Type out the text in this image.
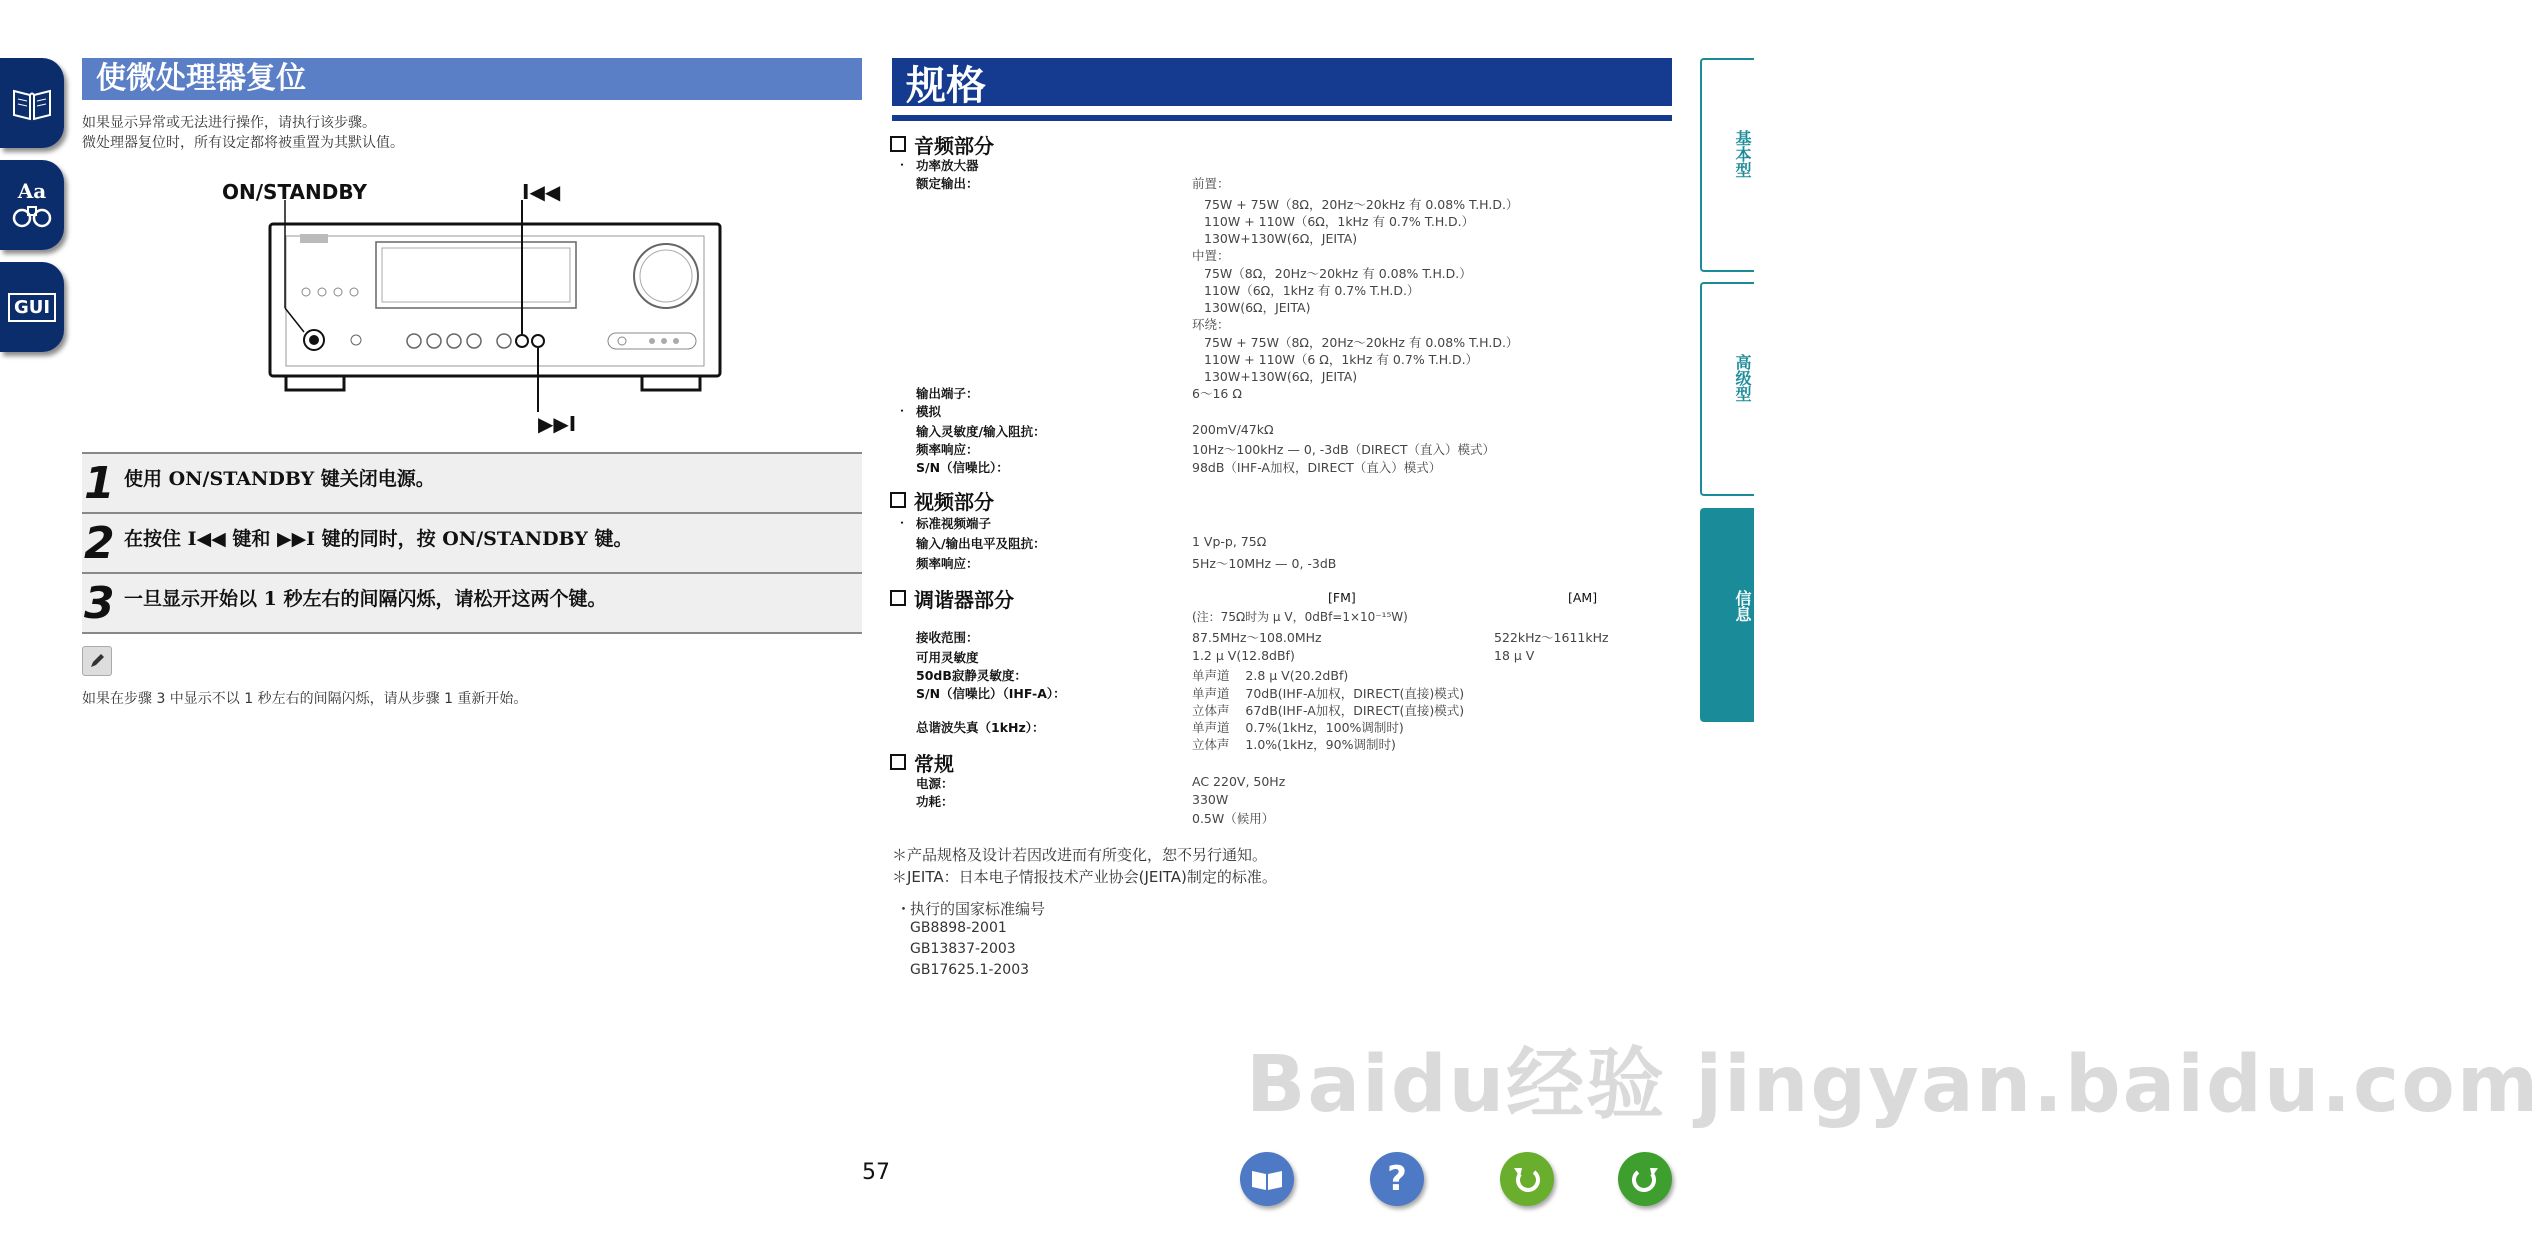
Aa
GUI
使微处理器复位
如果显示异常或无法进行操作，请执行该步骤。
微处理器复位时，所有设定都将被重置为其默认值。
ON/STANDBY	I◀◀
▶▶I
1 使用 ON/STANDBY 键关闭电源。
2 在按住 I◀◀ 键和 ▶▶I 键的同时，按 ON/STANDBY 键。
3 一旦显示开始以 1 秒左右的间隔闪烁，请松开这两个键。
如果在步骤 3 中显示不以 1 秒左右的间隔闪烁，请从步骤 1 重新开始。
规格
音频部分
・ 功率放大器
额定输出：	前置：
75W + 75W（8Ω，20Hz～20kHz 有 0.08% T.H.D.）
110W + 110W（6Ω，1kHz 有 0.7% T.H.D.）
130W+130W(6Ω，JEITA)
中置：
75W（8Ω，20Hz～20kHz 有 0.08% T.H.D.）
110W（6Ω，1kHz 有 0.7% T.H.D.）
130W(6Ω，JEITA)
环绕：
75W + 75W（8Ω，20Hz～20kHz 有 0.08% T.H.D.）
110W + 110W（6 Ω，1kHz 有 0.7% T.H.D.）
130W+130W(6Ω，JEITA)
输出端子：	6～16 Ω
・ 模拟
输入灵敏度/输入阻抗：	200mV/47kΩ
频率响应：	10Hz～100kHz — 0, -3dB（DIRECT（直入）模式）
S/N（信噪比）：	98dB（IHF-A加权，DIRECT（直入）模式）
视频部分
・ 标准视频端子
输入/输出电平及阻抗：	1 Vp-p, 75Ω
频率响应：	5Hz～10MHz — 0, -3dB
调谐器部分	[FM]	[AM]
(注：75Ω时为 μ V，0dBf=1×10⁻¹⁵W)
接收范围：	87.5MHz～108.0MHz	522kHz～1611kHz
可用灵敏度	1.2 μ V(12.8dBf)	18 μ V
50dB寂静灵敏度：	单声道    2.8 μ V(20.2dBf)
S/N（信噪比）（IHF-A）：	单声道    70dB(IHF-A加权，DIRECT(直接)模式)
立体声    67dB(IHF-A加权，DIRECT(直接)模式)
总谐波失真（1kHz）：	单声道    0.7%(1kHz，100%调制时)
立体声    1.0%(1kHz，90%调制时)
常规
电源：	AC 220V, 50Hz
功耗：	330W
0.5W（候用）
＊产品规格及设计若因改进而有所变化，恕不另行通知。
＊JEITA：日本电子情报技术产业协会(JEITA)制定的标准。
・
执行的国家标准编号
GB8898-2001
GB13837-2003
GB17625.1-2003
基本型
高级型
信息
Baidu经验 jingyan.baidu.com
57	?
